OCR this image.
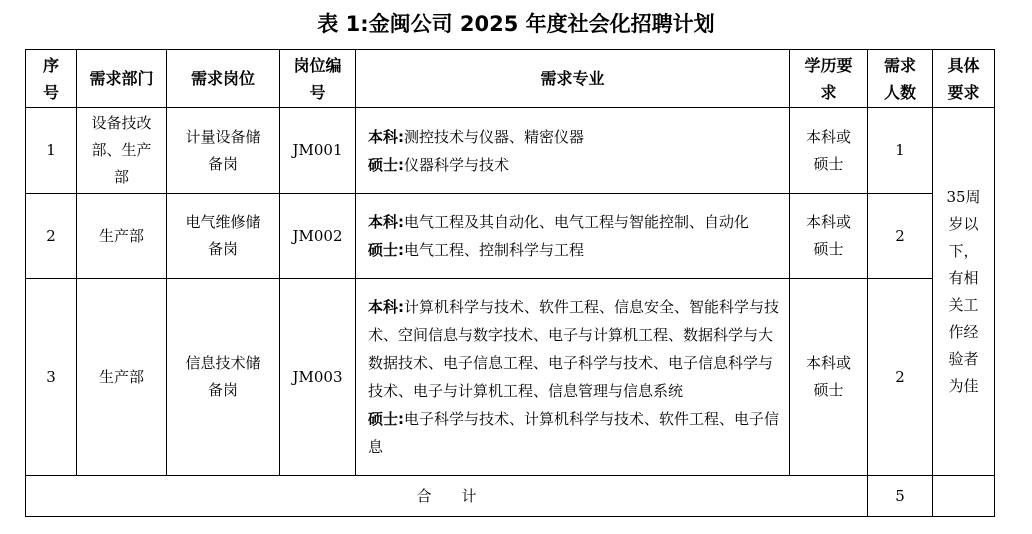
表 1:金闽公司 2025 年度社会化招聘计划
序号	需求部门	需求岗位	岗位编号	需求专业	学历要求	需求人数	具体要求
1	设备技改部、生产部	计量设备储备岗	JM001	本科:测控技术与仪器、精密仪器
硕士:仪器科学与技术	本科或硕士	1	35周岁以下，有相关工作经验者为佳
2	生产部	电气维修储备岗	JM002	本科:电气工程及其自动化、电气工程与智能控制、自动化
硕士:电气工程、控制科学与工程	本科或硕士	2	
3	生产部	信息技术储备岗	JM003	本科:计算机科学与技术、软件工程、信息安全、智能科学与技术、空间信息与数字技术、电子与计算机工程、数据科学与大数据技术、电子信息工程、电子科学与技术、电子信息科学与技术、电子与计算机工程、信息管理与信息系统
硕士:电子科学与技术、计算机科学与技术、软件工程、电子信息	本科或硕士	2	
合　　计						5	
